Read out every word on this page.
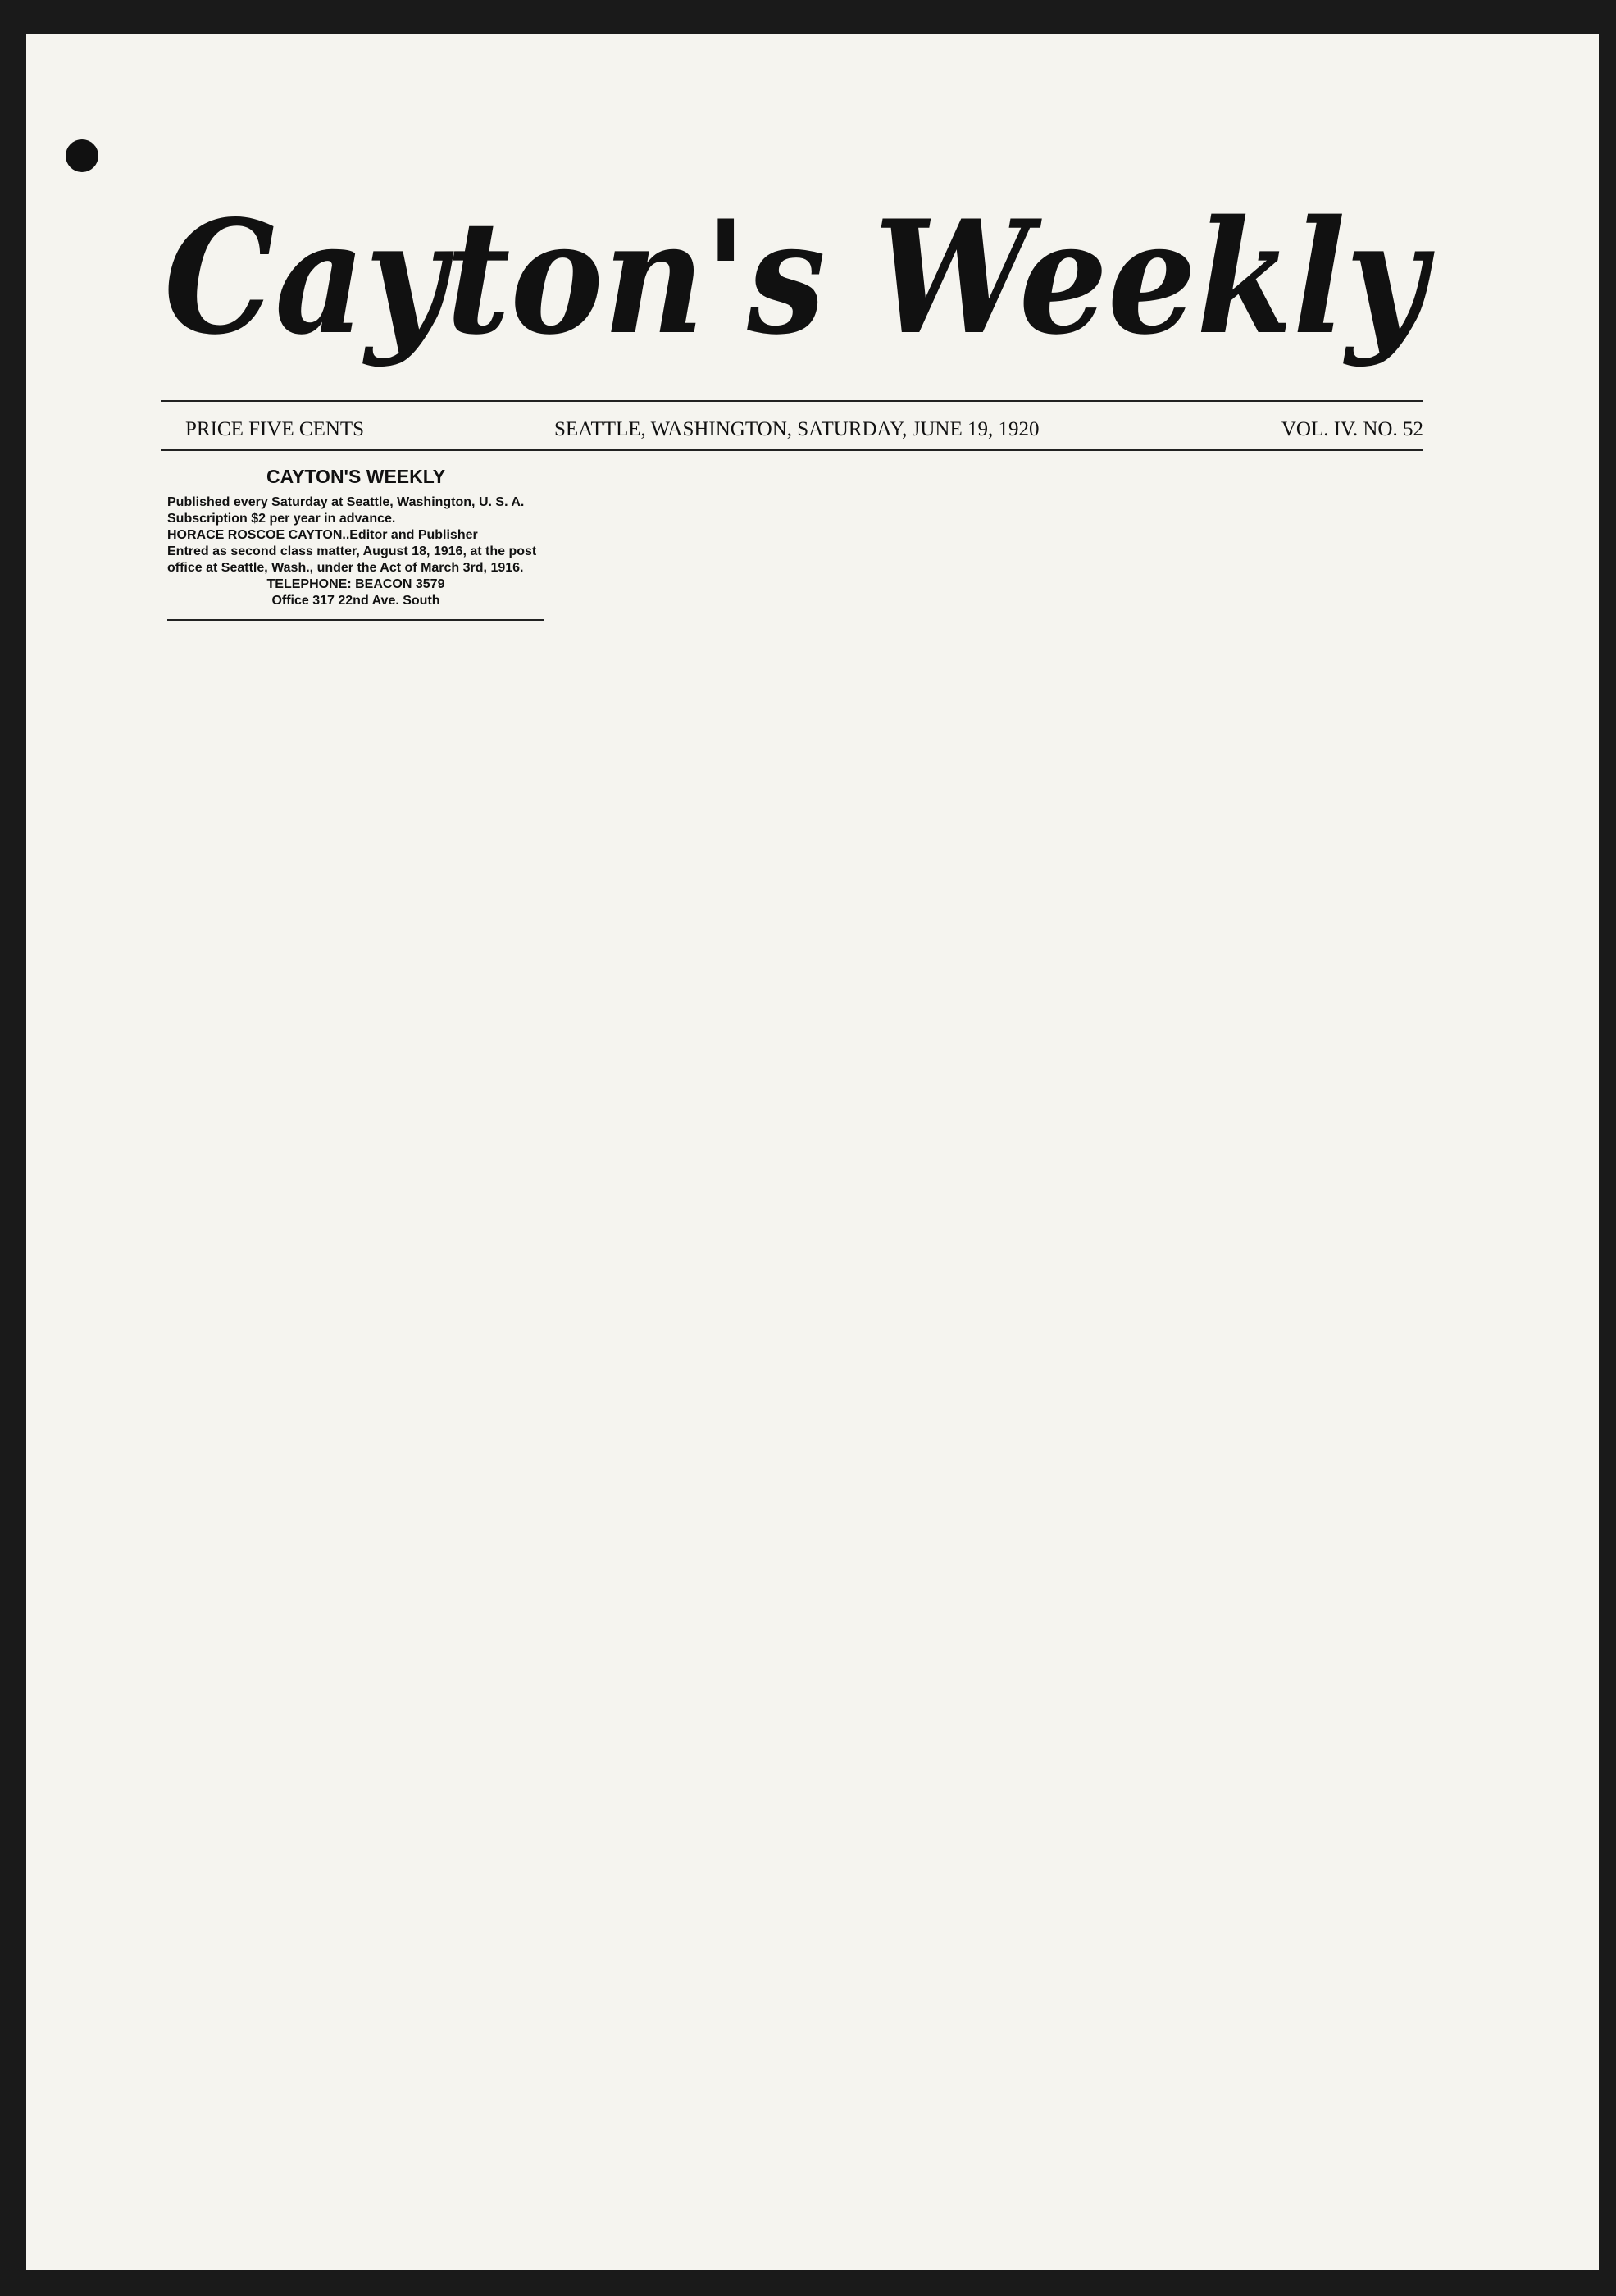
Cayton's Weekly
PRICE FIVE CENTS	SEATTLE, WASHINGTON, SATURDAY, JUNE 19, 1920	VOL. IV. NO. 52
CAYTON'S WEEKLY
Published every Saturday at Seattle, Washington, U. S. A.
Subscription $2 per year in advance.
HORACE ROSCOE CAYTON..Editor and Publisher
Entred as second class matter, August 18, 1916, at the post office at Seattle, Wash., under the Act of March 3rd, 1916.
TELEPHONE: BEACON 3579
Office 317 22nd Ave. South
